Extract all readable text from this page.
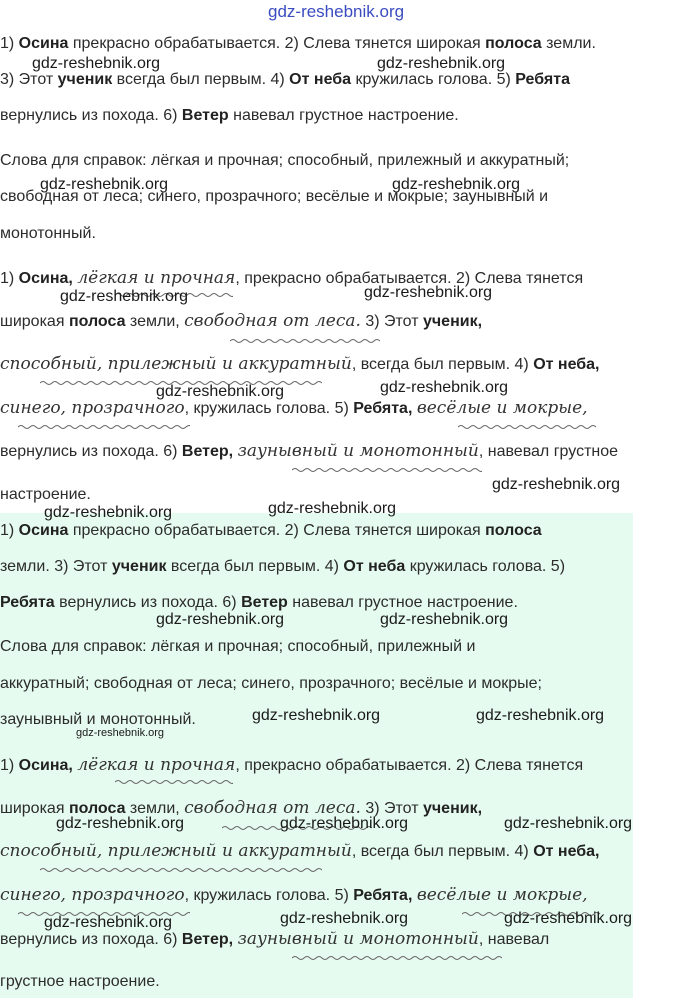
1) Осина прекрасно обрабатывается. 2) Слева тянется широкая полоса земли.
3) Этот ученик всегда был первым. 4) От неба кружилась голова. 5) Ребята
вернулись из похода. 6) Ветер навевал грустное настроение.
Слова для справок: лёгкая и прочная; способный, прилежный и аккуратный;
свободная от леса; синего, прозрачного; весёлые и мокрые; заунывный и
монотонный.
1) Осина, лёгкая и прочная, прекрасно обрабатывается. 2) Слева тянется
широкая полоса земли, свободная от леса. 3) Этот ученик,
способный, прилежный и аккуратный, всегда был первым. 4) От неба,
синего, прозрачного, кружилась голова. 5) Ребята, весёлые и мокрые,
вернулись из похода. 6) Ветер, заунывный и монотонный, навевал грустное
настроение.
1) Осина прекрасно обрабатывается. 2) Слева тянется широкая полоса
земли. 3) Этот ученик всегда был первым. 4) От неба кружилась голова. 5)
Ребята вернулись из похода. 6) Ветер навевал грустное настроение.
Слова для справок: лёгкая и прочная; способный, прилежный и
аккуратный; свободная от леса; синего, прозрачного; весёлые и мокрые;
заунывный и монотонный.
1) Осина, лёгкая и прочная, прекрасно обрабатывается. 2) Слева тянется
широкая полоса земли, свободная от леса. 3) Этот ученик,
способный, прилежный и аккуратный, всегда был первым. 4) От неба,
синего, прозрачного, кружилась голова. 5) Ребята, весёлые и мокрые,
вернулись из похода. 6) Ветер, заунывный и монотонный, навевал
грустное настроение.
gdz-reshebnik.org
gdz-reshebnik.org	gdz-reshebnik.org
gdz-reshebnik.org	gdz-reshebnik.org
gdz-reshebnik.org	gdz-reshebnik.org
gdz-reshebnik.org	gdz-reshebnik.org
gdz-reshebnik.org
gdz-reshebnik.org	gdz-reshebnik.org
gdz-reshebnik.org	gdz-reshebnik.org
gdz-reshebnik.org	gdz-reshebnik.org
gdz-reshebnik.org
gdz-reshebnik.org	gdz-reshebnik.org	gdz-reshebnik.org
gdz-reshebnik.org	gdz-reshebnik.org	gdz-reshebnik.org
